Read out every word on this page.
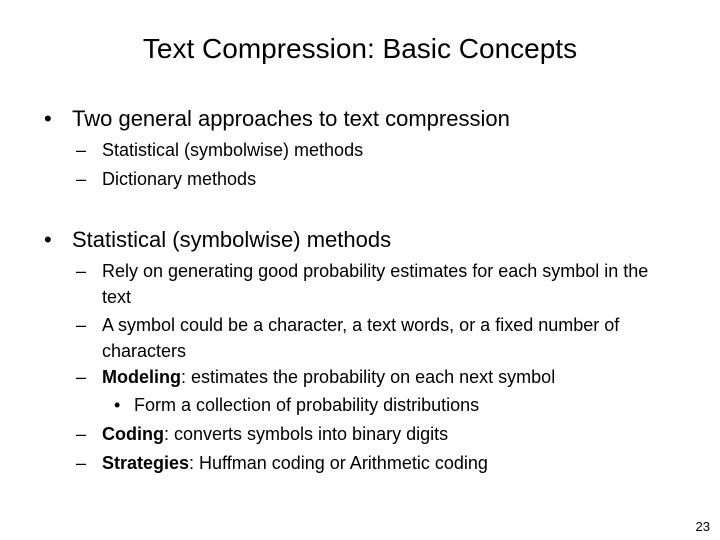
Text Compression: Basic Concepts
• Two general approaches to text compression
– Statistical (symbolwise) methods
– Dictionary methods
• Statistical (symbolwise) methods
– Rely on generating good probability estimates for each symbol in the text
– A symbol could be a character, a text words, or a fixed number of characters
– Modeling: estimates the probability on each next symbol
• Form a collection of probability distributions
– Coding: converts symbols into binary digits
– Strategies: Huffman coding or Arithmetic coding
23
